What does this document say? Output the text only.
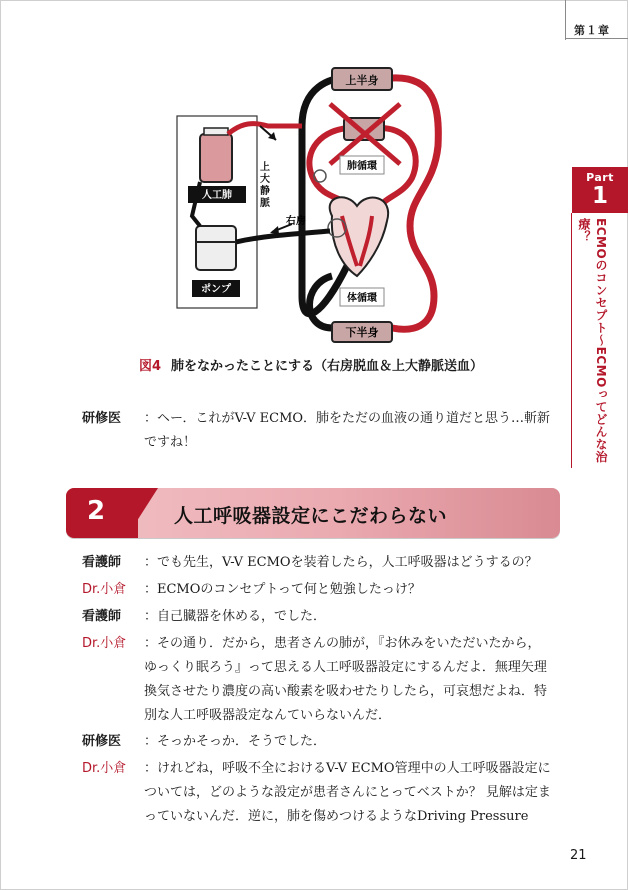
第１章
Part
1
ECMOのコンセプト～ECMOってどんな治療？
上半身
肺循環
体循環
下半身
人工肺
ポンプ
上大静脈
右房
図4 肺をなかったことにする（右房脱血＆上大静脈送血）
研修医	：ヘー．これがV-V ECMO．肺をただの血液の通り道だと思う…斬新ですね！
2	人工呼吸器設定にこだわらない
看護師	：でも先生，V-V ECMOを装着したら，人工呼吸器はどうするの？
Dr.小倉	：ECMOのコンセプトって何と勉強したっけ？
看護師	：自己臓器を休める，でした．
Dr.小倉	：その通り．だから，患者さんの肺が，『お休みをいただいたから，ゆっくり眠ろう』って思える人工呼吸器設定にするんだよ．無理矢理換気させたり濃度の高い酸素を吸わせたりしたら，可哀想だよね．特別な人工呼吸器設定なんていらないんだ．
研修医	：そっかそっか．そうでした．
Dr.小倉	：けれどね，呼吸不全におけるV-V ECMO管理中の人工呼吸器設定については，どのような設定が患者さんにとってベストか？ 見解は定まっていないんだ．逆に，肺を傷めつけるようなDriving Pressure
21
